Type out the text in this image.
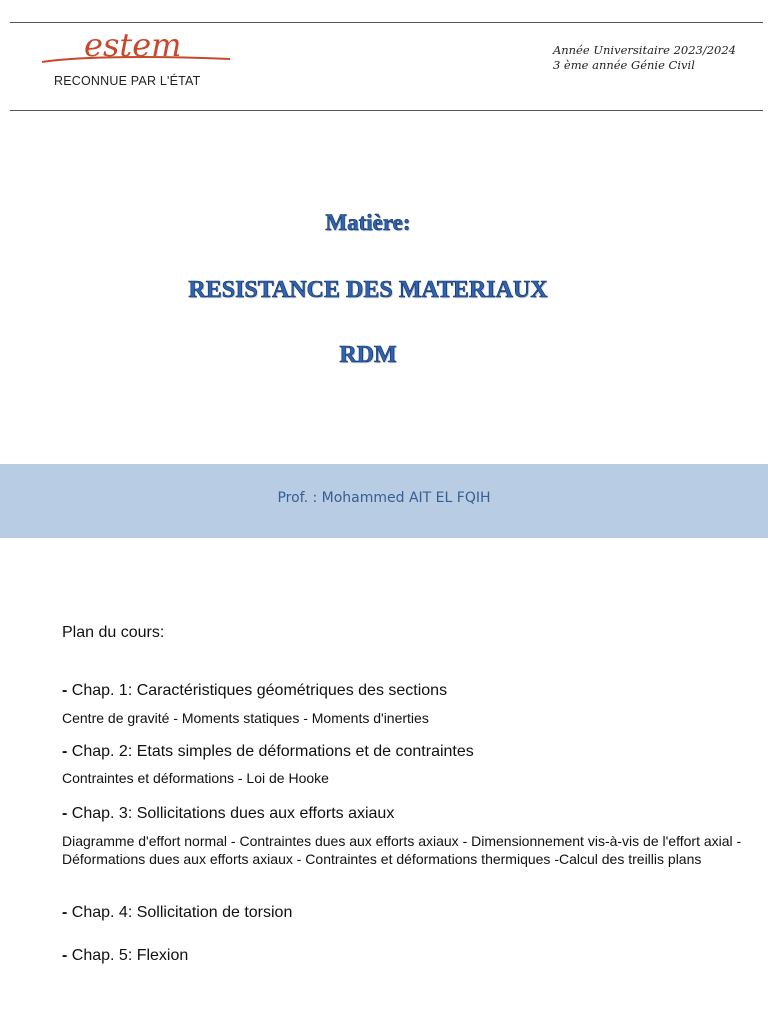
estem
RECONNUE PAR L'ÉTAT
Année Universitaire 2023/2024
3 ème année Génie Civil
Matière:
RESISTANCE DES MATERIAUX
RDM
Prof. : Mohammed AIT EL FQIH
Plan du cours:
- Chap. 1: Caractéristiques géométriques des sections
Centre de gravité - Moments statiques - Moments d'inerties
- Chap. 2: Etats simples de déformations et de contraintes
Contraintes et déformations - Loi de Hooke
- Chap. 3: Sollicitations dues aux efforts axiaux
Diagramme d'effort normal - Contraintes dues aux efforts axiaux - Dimensionnement vis-à-vis de l'effort axial - Déformations dues aux efforts axiaux - Contraintes et déformations thermiques -Calcul des treillis plans
- Chap. 4: Sollicitation de torsion
- Chap. 5: Flexion
